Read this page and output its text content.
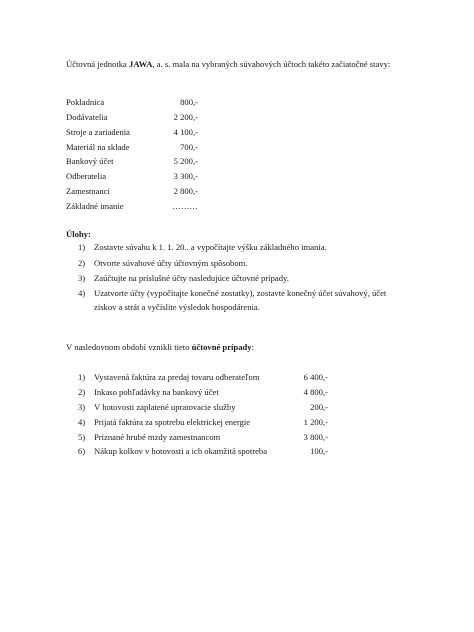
Účtovná jednotka JAWA, a. s. mala na vybraných súvahových účtoch takéto začiatočné stavy:
Pokladnica	800,-
Dodávatelia	2 200,-
Stroje a zariadenia	4 100,-
Materiál na sklade	700,-
Bankový účet	5 200,-
Odberatelia	3 300,-
Zamestnanci	2 800,-
Základné imanie	………
Úlohy:
1) Zostavte súvahu k 1. 1. 20.. a vypočítajte výšku základného imania.
2) Otvorte súvahové účty účtovným spôsobom.
3) Zaúčtujte na príslušné účty nasledujúce účtovné prípady.
4) Uzatvorte účty (vypočítajte konečné zostatky), zostavte konečný účet súvahový, účet ziskov a strát a vyčíslite výsledok hospodárenia.
V nasledovnom období vznikli tieto účtovné prípady:
1) Vystavená faktúra za predaj tovaru odberateľom	6 400,-
2) Inkaso pohľadávky na bankový účet	4 800,-
3) V hotovosti zaplatené upratovacie služby	200,-
4) Prijatá faktúra za spotrebu elektrickej energie	1 200,-
5) Priznané hrubé mzdy zamestnancom	3 800,-
6) Nákup kolkov v hotovosti a ich okamžitá spotreba	100,-
